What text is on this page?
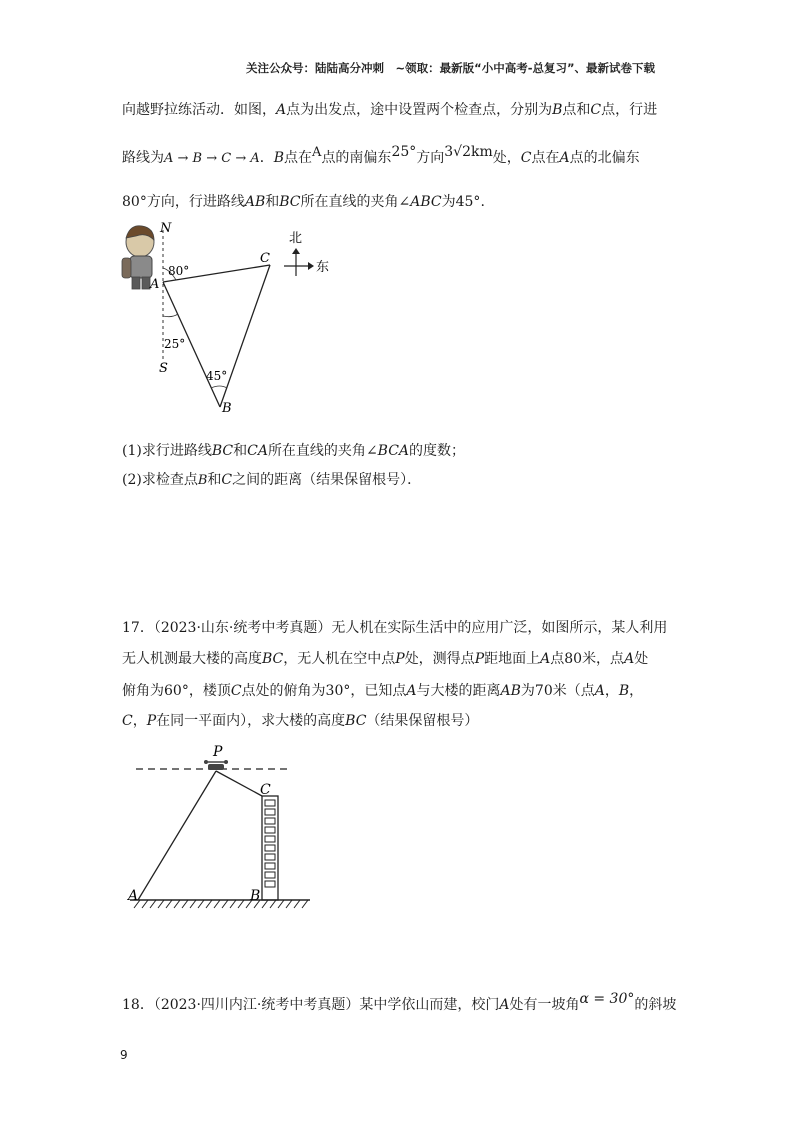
关注公众号：陆陆高分冲刺　~领取：最新版“小中高考-总复习”、最新试卷下载
向越野拉练活动．如图，A点为出发点，途中设置两个检查点，分别为B点和C点，行进
路线为A → B → C → A．B点在A点的南偏东25°方向3√2km处，C点在A点的北偏东
80°方向，行进路线AB和BC所在直线的夹角∠ABC为45°.
N
80°
A
C
25°
S	45°
B
北
东
(1)求行进路线BC和CA所在直线的夹角∠BCA的度数；
(2)求检查点B和C之间的距离（结果保留根号）．
17．（2023·山东·统考中考真题）无人机在实际生活中的应用广泛，如图所示，某人利用
无人机测最大楼的高度BC，无人机在空中点P处，测得点P距地面上A点80米，点A处
俯角为60°，楼顶C点处的俯角为30°，已知点A与大楼的距离AB为70米（点A，B，
C，P在同一平面内），求大楼的高度BC（结果保留根号）
P
C
A	B
18．（2023·四川内江·统考中考真题）某中学依山而建，校门A处有一坡角α = 30°的斜坡
9
